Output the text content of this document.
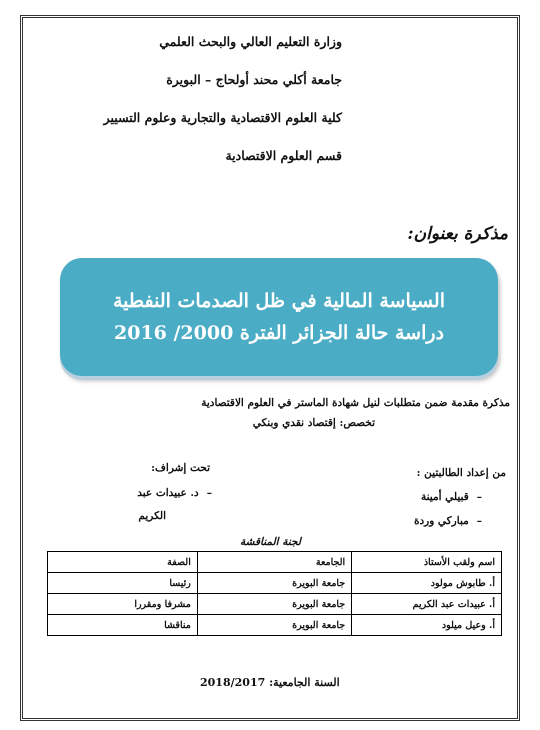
وزارة التعليم العالي والبحث العلمي

جامعة أكلي محند أولحاج – البويرة

كلية العلوم الاقتصادية والتجارية وعلوم التسيير

قسم العلوم الاقتصادية

مذكرة بعنوان:
السياسة المالية في ظل الصدمات النفطية
دراسة حالة الجزائر الفترة 2000/ 2016
مذكرة مقدمة ضمن متطلبات لنيل شهادة الماستر في العلوم الاقتصادية
تخصص: إقتصاد نقدي وبنكي
من إعداد الطالبتين :
–قبيلي أمينة
–مباركي وردة
تحت إشراف:
–د. عبيدات عبد
الكريم
لجنة المناقشة
اسم ولقب الأستاذ	الجامعة	الصفة
أ. طابوش مولود	جامعة البويرة	رئيسا
أ. عبيدات عبد الكريم	جامعة البويرة	مشرفا ومقررا
أ. وعيل ميلود	جامعة البويرة	مناقشا
السنة الجامعية: 2018/2017
